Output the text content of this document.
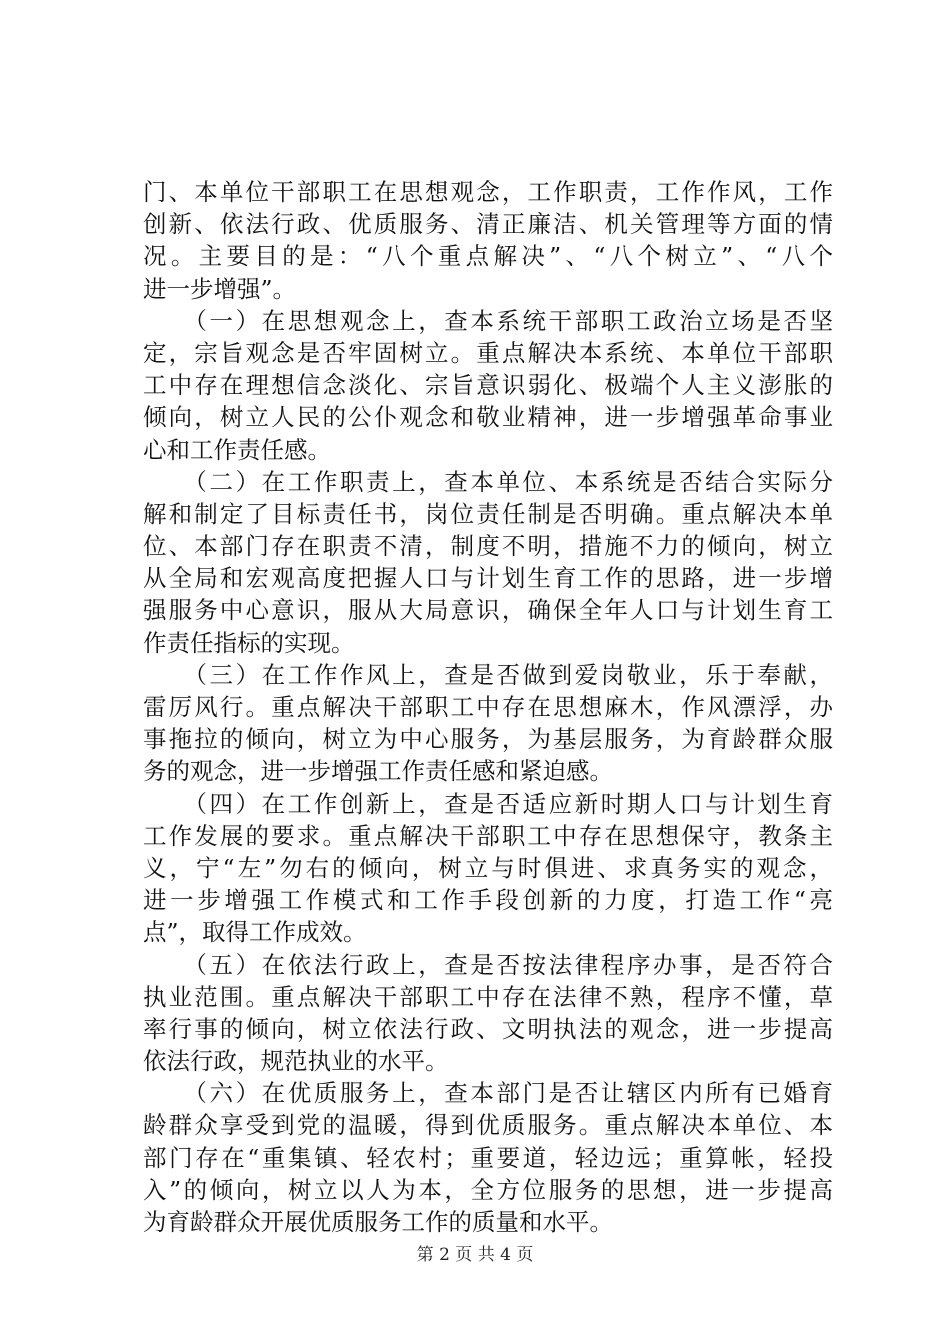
门、本单位干部职工在思想观念，工作职责，工作作风，工作
创新、依法行政、优质服务、清正廉洁、机关管理等方面的情
况。主要目的是：“八个重点解决”、“八个树立”、“八个
进一步增强”。
　　（一）在思想观念上，查本系统干部职工政治立场是否坚
定，宗旨观念是否牢固树立。重点解决本系统、本单位干部职
工中存在理想信念淡化、宗旨意识弱化、极端个人主义澎胀的
倾向，树立人民的公仆观念和敬业精神，进一步增强革命事业
心和工作责任感。
　　（二）在工作职责上，查本单位、本系统是否结合实际分
解和制定了目标责任书，岗位责任制是否明确。重点解决本单
位、本部门存在职责不清，制度不明，措施不力的倾向，树立
从全局和宏观高度把握人口与计划生育工作的思路，进一步增
强服务中心意识，服从大局意识，确保全年人口与计划生育工
作责任指标的实现。
　　（三）在工作作风上，查是否做到爱岗敬业，乐于奉献，
雷厉风行。重点解决干部职工中存在思想麻木，作风漂浮，办
事拖拉的倾向，树立为中心服务，为基层服务，为育龄群众服
务的观念，进一步增强工作责任感和紧迫感。
　　（四）在工作创新上，查是否适应新时期人口与计划生育
工作发展的要求。重点解决干部职工中存在思想保守，教条主
义，宁“左”勿右的倾向，树立与时俱进、求真务实的观念，
进一步增强工作模式和工作手段创新的力度，打造工作“亮
点”，取得工作成效。
　　（五）在依法行政上，查是否按法律程序办事，是否符合
执业范围。重点解决干部职工中存在法律不熟，程序不懂，草
率行事的倾向，树立依法行政、文明执法的观念，进一步提高
依法行政，规范执业的水平。
　　（六）在优质服务上，查本部门是否让辖区内所有已婚育
龄群众享受到党的温暖，得到优质服务。重点解决本单位、本
部门存在“重集镇、轻农村；重要道，轻边远；重算帐，轻投
入”的倾向，树立以人为本，全方位服务的思想，进一步提高
为育龄群众开展优质服务工作的质量和水平。
第 2 页 共 4 页
